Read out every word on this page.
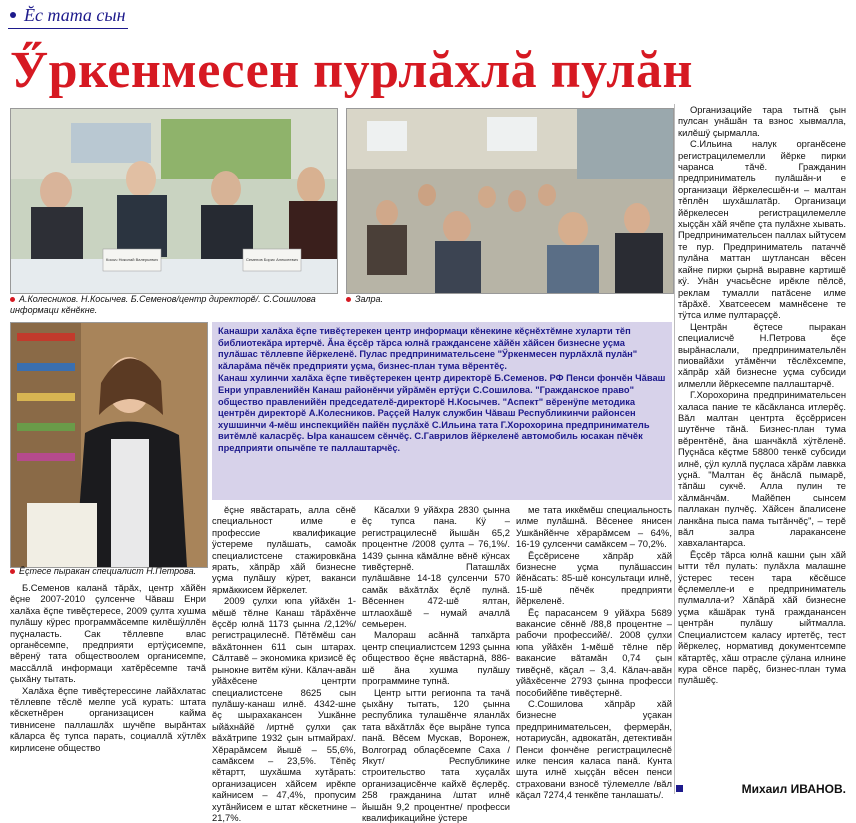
Ĕс тата сын
Ӳркенмесен пурлăхлă пулăн
Косыч Николай Валерьевич	Семенов Борис Алексеевич
А.Колесников. Н.Косычев. Б.Семенов/центр директорĕ/. С.Сошилова информаци кĕнĕкне.
Залра.
Ĕçтесе пыракан специалист Н.Петрова.

Канашри халăха ĕçпе тивĕçтерекен центр информаци кĕнекине кĕçнĕхтĕмне хуларти тĕп библиотекăра иртерчĕ. Ăна ĕçсĕр тăрса юлнă граждансене хăйĕн хăйсен бизнесне уçма пулăшас тĕллевпе йĕркеленĕ. Пулас предпринимательсене "Ӳркенмесен пурлăхлă пулăн" кăларăма пĕчĕк предприяти уçма, бизнес-план тума вĕрентĕç.

Канаш хулинчи халăха ĕçпе тивĕçтерекен центр директорĕ Б.Семенов. РФ Пенси фончĕн Чăваш Енри управленийĕн Канаш районĕнчи уйрăмĕн ертÿçи С.Сошилова. "Гражданское право" общество правленийĕн председателĕ-директорĕ Н.Косычев. "Аспект" вĕренÿпе методика центрĕн директорĕ А.Колесников. Раççей Налук службин Чăваш Республикинчи районсен хушшинчи 4-мĕш инспекцийĕн пайĕн пуçлăхĕ С.Ильина тата Г.Хорохорина предприниматель витĕмлĕ каласрĕç. Ыра канашсем сĕнчĕç. С.Гаврилов йĕркеленĕ автомобиль юсакан пĕчĕк предприяти опычĕпе те паллаштарчĕç.

Организацийе тара тытнă çын пулсан унăшăн та взнос хывмалла, килĕшÿ çырмалла.

С.Ильина налук органĕсене регистрацилемелли йĕрке пирки чаранса тăчĕ. Гражданин предприниматель пулăшăн-и е организаци йĕркелесшĕн-и – малтан тĕплĕн шухăшлатăр. Организаци йĕркелесен регистрацилемелле хыççăн хăй ячĕпе çта пулăхне хывать. Предпринимательсен паллах ыйтусем те пур. Предприниматель патаччĕ пулăна маттан шутлансан вĕсен кайне пирки çырнă выравне картишĕ кÿ. Унăн учасьĕсне ирĕкле пĕлсĕ, реклам тумалли патăсене илме тăрăхĕ. Хватсеесем мамнĕсене те тÿтса илме пултараççĕ.

Центрăн ĕçтесе пыракан специалисчĕ Н.Петрова ĕçе вырăнаслали, предпринимательлĕн пиовайăхи утăмĕнчи тĕслĕхсемпе, хăпрăр хăй бизнесне уçма субсиди илмелли йĕркесемпе паллаштарчĕ.

Г.Хорохорина предпринимательсен халаса пание те кăсăкланса итлерĕç. Вăл малтан центрта ĕçсĕррисен шутĕнче тăнă. Бизнес-план тума вĕрентĕнĕ, ăна шанчăклă хÿтĕленĕ. Пуçнăса кĕçтме 58800 тенкĕ субсиди илнĕ, çÿл куллă пуçласа хăрăм лавкка уçнă. "Малтан ĕç ăнăслă пымарĕ, тăпăш сукчĕ. Алла пулин те хăлмăнчăм. Майĕпен сынсем паллакан пулчĕç. Хăйсен ăпалисене ланкăна пыса пама тытăнчĕç", – терĕ вăл залра ларакансене хавхалантарса.

Ĕçсĕр тăрса юлнă кашни çын хăй ытти тĕл пулать: пулăхла малашне ÿстерес тесен тара кĕсĕшсе ĕçлемелле-и е предприниматель пулмалла-и? Хăпăрă хăй бизнесне уçма кăшăрак тунă гражданансен центрăн пулăшу ыйтмалла. Специалистсем каласу иртетĕç, тест йĕркелеç, нормативд документсемпе кăтартĕç, хăш отрасле çÿлана илнине кура сĕнсе парĕç, бизнес-план тума пулăшĕç.

Б.Семенов каланă тăрăх, центр хăйĕн ĕçне 2007-2010 çулсенче Чăваш Енри халăха ĕçпе тивĕçтересе, 2009 çулта хушма пулăшу кÿрес программăсемпе килĕшÿллĕн пуçналасть. Сак тĕллевпе влас органĕсемпе, предприяти ертÿçисемпе, вĕренÿ тата обществоолем органисемпе, массăллă информаци хатĕрĕсемпе тачă çыхăну тытать.

Халăха ĕçпе тивĕçтерессине лайăхлатас тĕллевпе тĕслĕ мелпе усă курать: штата кĕскетнĕрен организацисен кайма тивнисене паллашлăх шучĕпе вырăнтах кăларса ĕç тупса парать, социаллă хÿтлĕх кирлисене общество

ĕçне явăстарать, алла сĕнĕ специальност илме е профессие квалификацие ÿстереме пулăшать, самоăк специалистсене стажировкăна ярать, хăпрăр хăй бизнесне уçма пулăшу кÿрет, ваканси ярмăккисем йĕркелет.

2009 çулхи юпа уйăхĕн 1-мĕшĕ тĕлне Канаш тăрăхĕнче ĕçсĕр юлнă 1173 çынна /2,12%/ регистрацилеснĕ. Пĕтĕмĕш сан вăхăтоннен 611 сын штарах. Сăлтавĕ – экономика кризисĕ ĕç рынокне витĕм кÿни. Кăлач-авăн уйăхĕсене центрти специалистсене 8625 сын пулăшу-канаш илнĕ. 4342-шне ĕç шырахакансен Ушкăнне ыйăхнăйĕ /иртнĕ çулхи çак вăхăтрипе 1932 çын ытмайрах/. Хĕрарăмсем йышĕ – 55,6%, самăксем – 23,5%. Тĕпĕç кĕтартт, шухăшма хутăрать: организацисен хăйсем ирĕкпе кайнисем – 47,4%, пропусим хутăнйисем е штат кĕскетнине – 21,7%.

Кăсалхи 9 уйăхра 2830 çынна ĕç тупса пана. Кÿ – регистрацилеснĕ йышăн 65,2 процентне /2008 çулта – 76,1%/. 1439 çынна кăмăлне вĕнĕ кÿнсах тивĕçтернĕ. Паташлăх пулăшăвне 14-18 çулсенчи 570 самăк вăхăтлăх ĕçлĕ пулнă. Вĕсеннен 472-шĕ ялтан, штлаохăшĕ – нумай ачаллă семьерен.

Малораш асăннă тапхăрта центр специалистсем 1293 çынна обществоо ĕçне явăстарнă, 886-шĕ ăна хушма пулăшу программине тупнă.

Центр ытти регионпа та тачă çыхăну тытать, 120 çынна республика тулашĕнче яланлăх тата вăхăтлăх ĕçе вырăне тупса панă. Вĕсем Мускав, Воронеж, Волгоград облаçĕсемпе Саха /Якут/ Республикине строительство тата хуçалăх организацисĕнче кайхĕ ĕçлерĕç. 258 гражданина /штат илнĕ йышăн 9,2 процентне/ професси квалификацийне ÿстере

ме тата иккĕмĕш специальность илме пулăшнă. Вĕсенее янисен Ушкăнйĕнче хĕрарăмсем – 64%, 16-19 çулсенчи самăксем – 70,2%.

Ĕçсĕрисене хăпрăр хăй бизнесне уçма пулăшассин йĕнăсать: 85-шĕ консультаци илнĕ, 15-шĕ пĕчĕк предприяти йĕркеленĕ.

Ĕç парасансем 9 уйăхра 5689 вакансие сĕннĕ /88,8 процентне – рабочи профессийĕ/. 2008 çулхи юпа уйăхĕн 1-мĕшĕ тĕлне пĕр вакансие вăтамăн 0,74 çын тивĕçнĕ, кăçал – 3,4. Кăлач-авăн уйăхĕсенче 2793 çынна професси пособийĕпе тивĕçтернĕ.

С.Сошилова хăпрăр хăй бизнесне уçакан предпринимательсен, фермерăн, нотариусăн, адвокатăн, детективăн Пенси фончĕне регистрацилеснĕ илке пенсия каласа панă. Кунта шута илнĕ хыççăн вĕсен пенси страховани взносĕ тÿлемелле /вăл кăçал 7274,4 тенкĕпе танлашать/.	Михаил ИВАНОВ.
